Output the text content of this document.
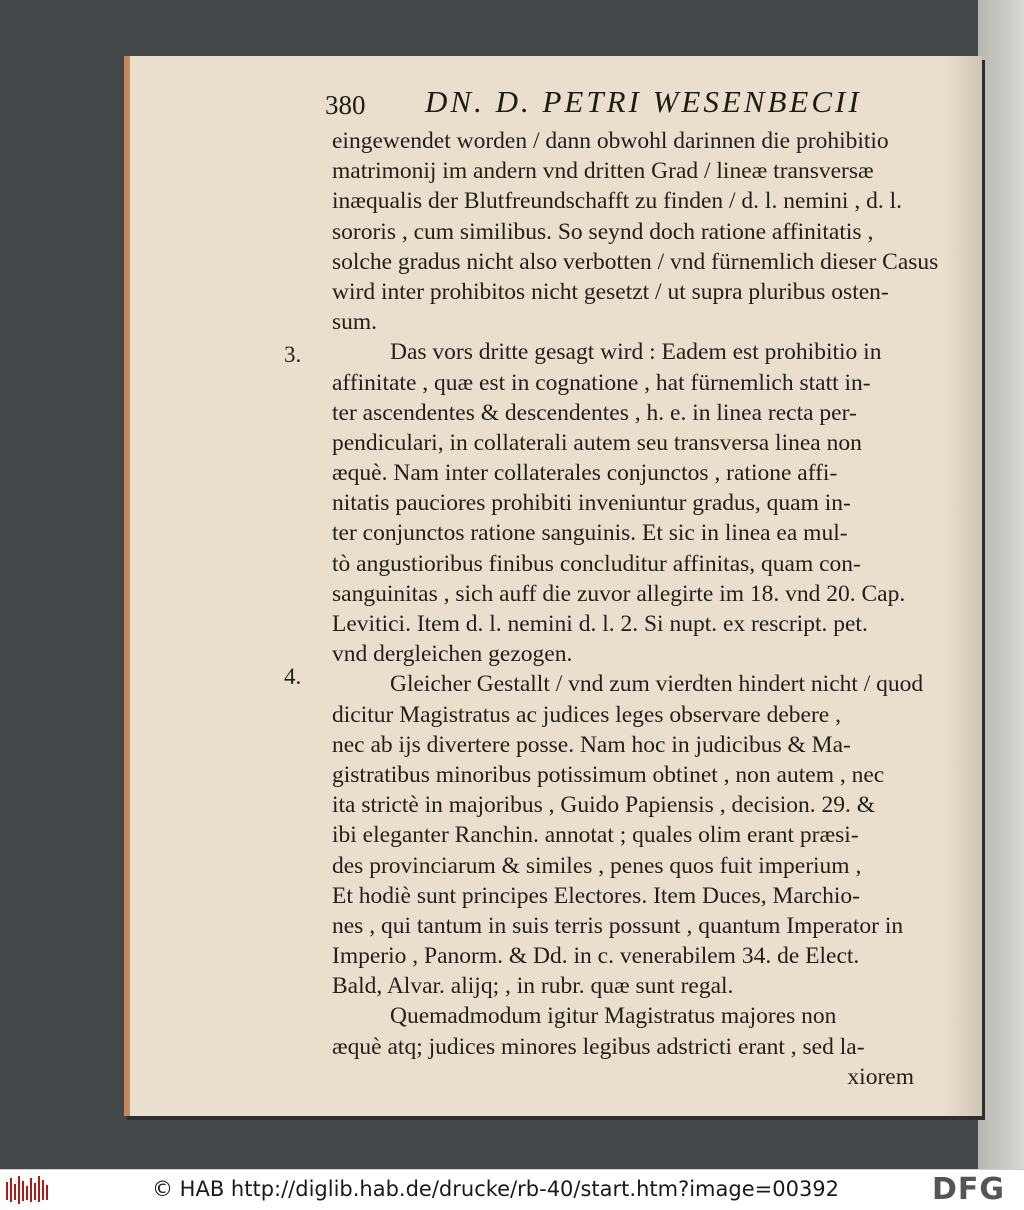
380 DN. D. PETRI WESENBECII
3.
4.
eingewendet worden / dann obwohl darinnen die prohibitio
matrimonij im andern vnd dritten Grad / lineæ transversæ
inæqualis der Blutfreundschafft zu finden / d. l. nemini , d. l.
sororis , cum similibus. So seynd doch ratione affinitatis ,
solche gradus nicht also verbotten / vnd fürnemlich dieser Casus
wird inter prohibitos nicht gesetzt / ut supra pluribus osten-
sum.
Das vors dritte gesagt wird : Eadem est prohibitio in
affinitate , quæ est in cognatione , hat fürnemlich statt in-
ter ascendentes & descendentes , h. e. in linea recta per-
pendiculari, in collaterali autem seu transversa linea non
æquè. Nam inter collaterales conjunctos , ratione affi-
nitatis pauciores prohibiti inveniuntur gradus, quam in-
ter conjunctos ratione sanguinis. Et sic in linea ea mul-
tò angustioribus finibus concluditur affinitas, quam con-
sanguinitas , sich auff die zuvor allegirte im 18. vnd 20. Cap.
Levitici. Item d. l. nemini d. l. 2. Si nupt. ex rescript. pet.
vnd dergleichen gezogen.
Gleicher Gestallt / vnd zum vierdten hindert nicht / quod
dicitur Magistratus ac judices leges observare debere ,
nec ab ijs divertere posse. Nam hoc in judicibus & Ma-
gistratibus minoribus potissimum obtinet , non autem , nec
ita strictè in majoribus , Guido Papiensis , decision. 29. &
ibi eleganter Ranchin. annotat ; quales olim erant præsi-
des provinciarum & similes , penes quos fuit imperium ,
Et hodiè sunt principes Electores. Item Duces, Marchio-
nes , qui tantum in suis terris possunt , quantum Imperator in
Imperio , Panorm. & Dd. in c. venerabilem 34. de Elect.
Bald, Alvar. alijq; , in rubr. quæ sunt regal.
Quemadmodum igitur Magistratus majores non
æquè atq; judices minores legibus adstricti erant , sed la-
xiorem
© HAB http://diglib.hab.de/drucke/rb-40/start.htm?image=00392	DFG
